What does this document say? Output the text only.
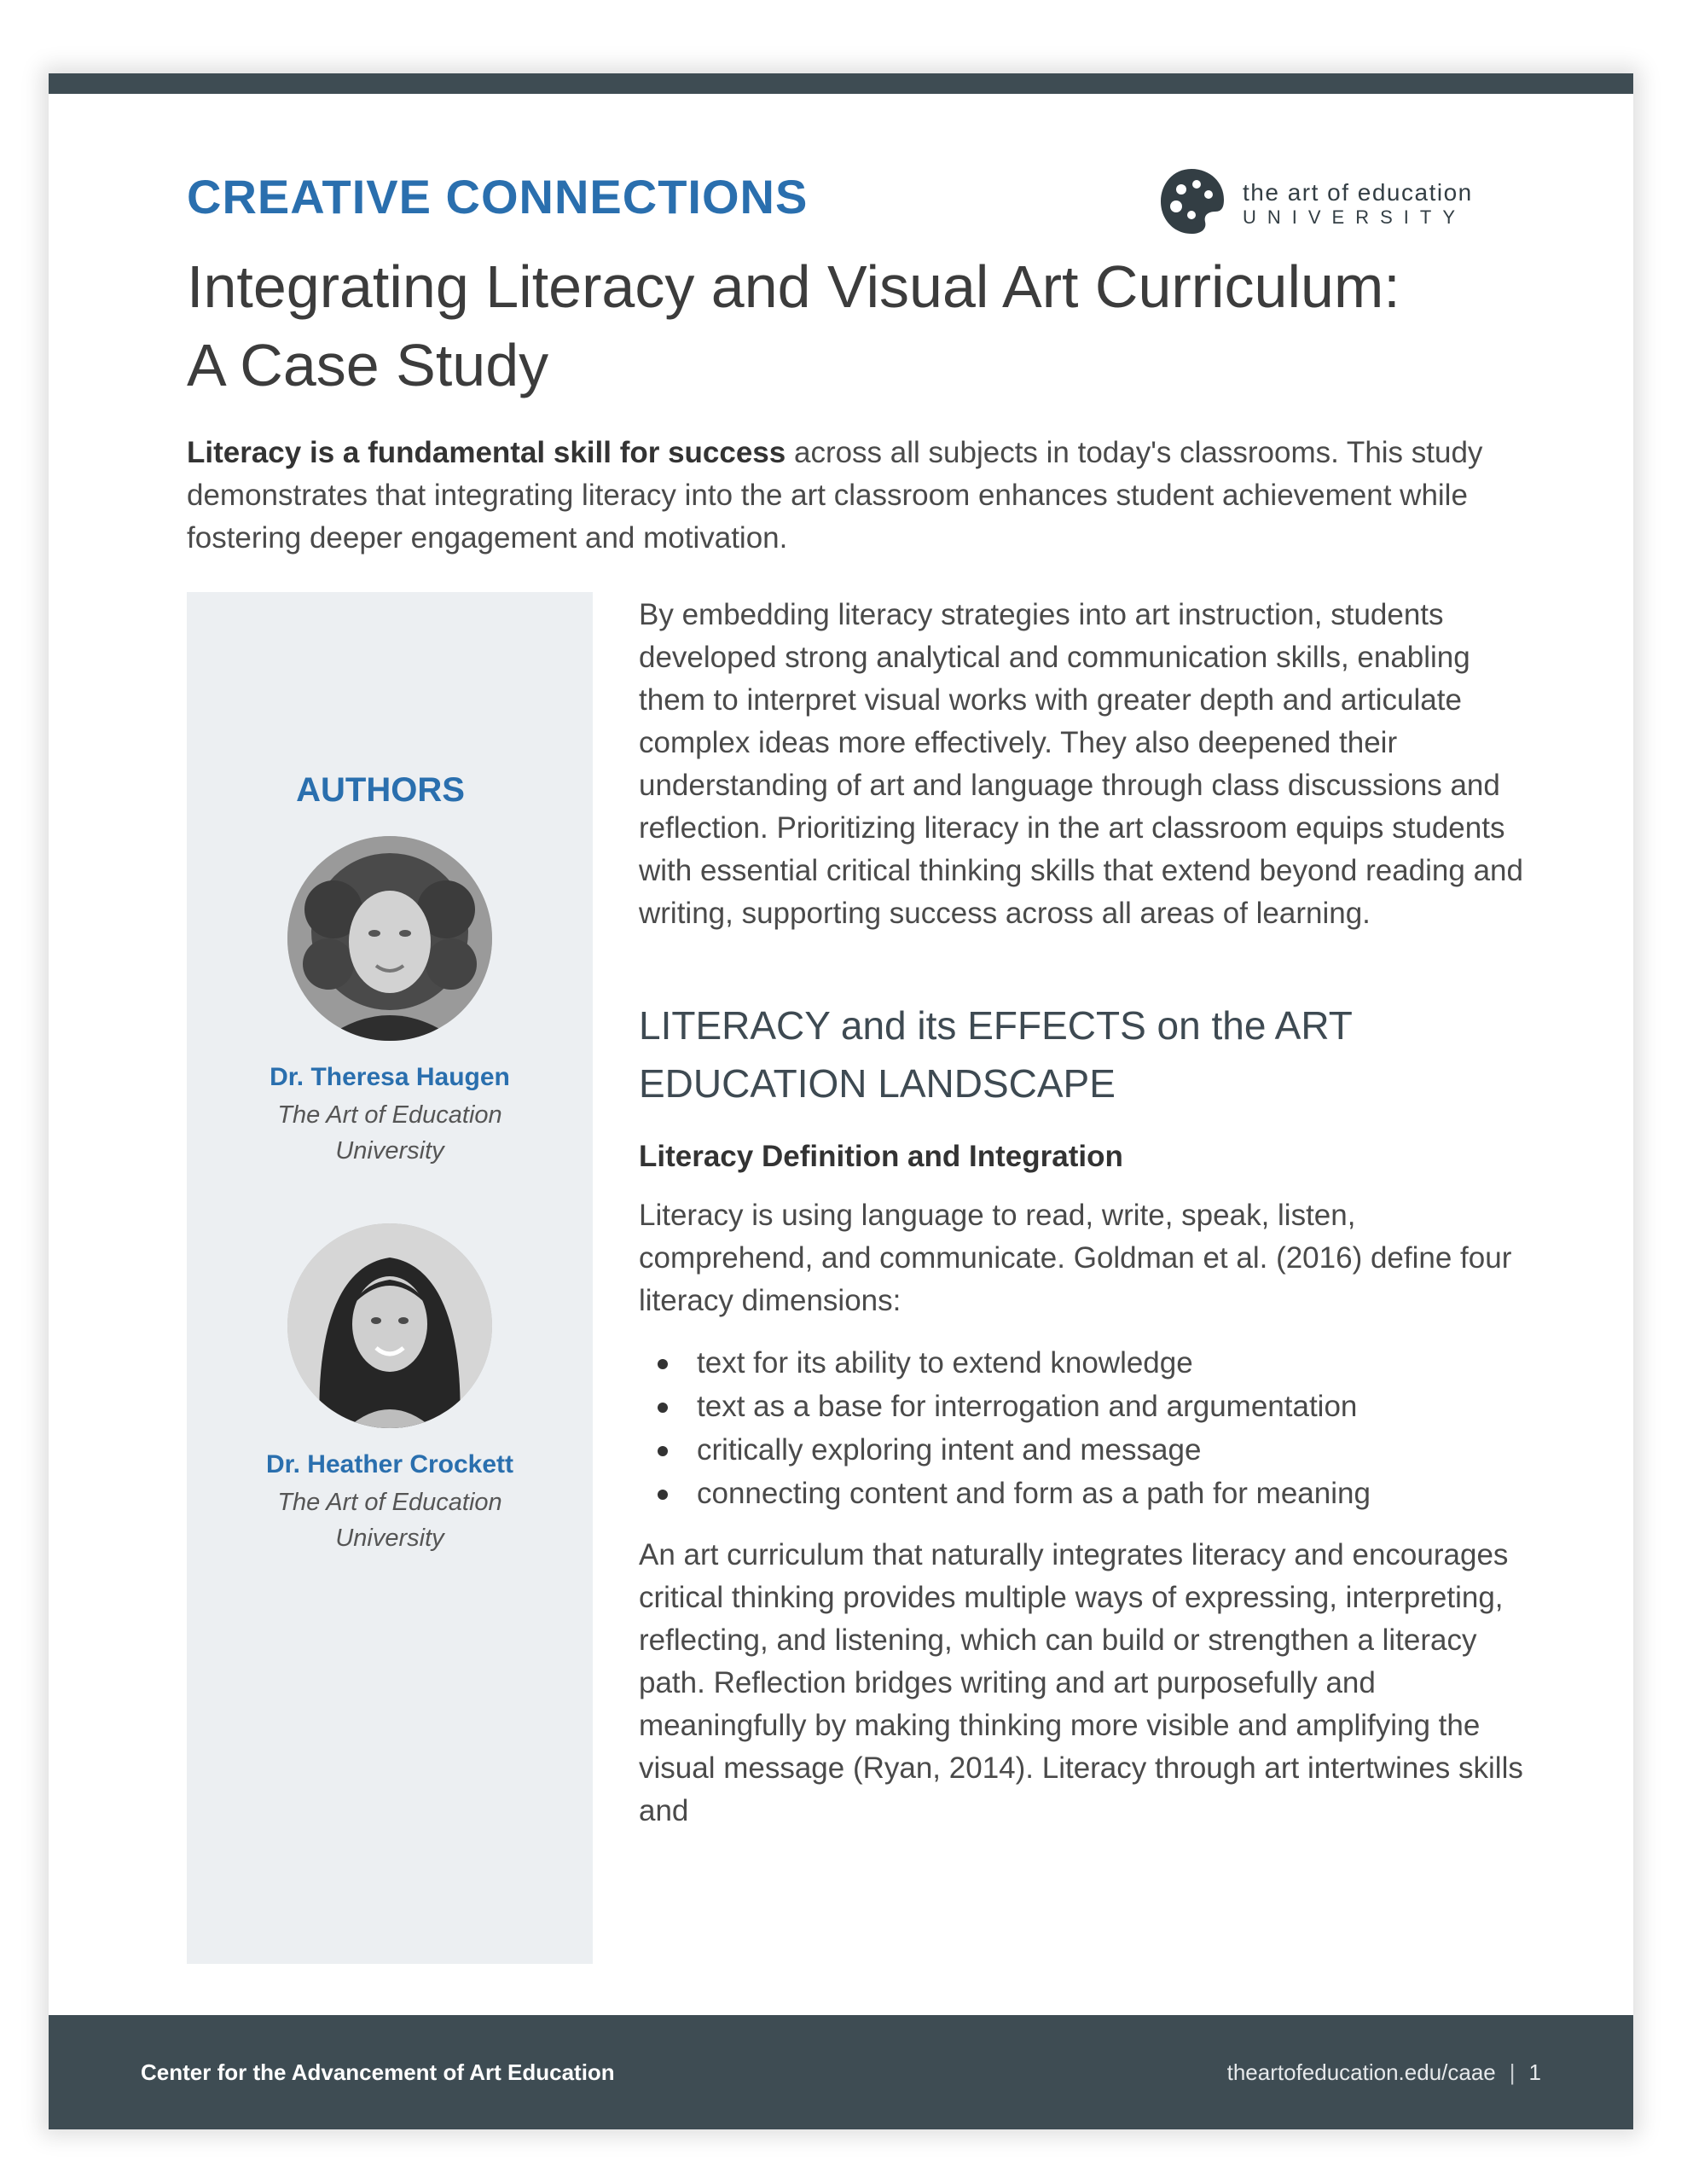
CREATIVE CONNECTIONS	the art of education
UNIVERSITY
Integrating Literacy and Visual Art Curriculum:
A Case Study

Literacy is a fundamental skill for success across all subjects in today's classrooms. This study demonstrates that integrating literacy into the art classroom enhances student achievement while fostering deeper engagement and motivation.

AUTHORS
Dr. Theresa Haugen
The Art of Education University
Dr. Heather Crockett
The Art of Education University

By embedding literacy strategies into art instruction, students developed strong analytical and communication skills, enabling them to interpret visual works with greater depth and articulate complex ideas more effectively. They also deepened their understanding of art and language through class discussions and reflection. Prioritizing literacy in the art classroom equips students with essential critical thinking skills that extend beyond reading and writing, supporting success across all areas of learning.

LITERACY and its EFFECTS on the ART EDUCATION LANDSCAPE
Literacy Definition and Integration

Literacy is using language to read, write, speak, listen, comprehend, and communicate. Goldman et al. (2016) define four literacy dimensions:

text for its ability to extend knowledge
text as a base for interrogation and argumentation
critically exploring intent and message
connecting content and form as a path for meaning

An art curriculum that naturally integrates literacy and encourages critical thinking provides multiple ways of expressing, interpreting, reflecting, and listening, which can build or strengthen a literacy path. Reflection bridges writing and art purposefully and meaningfully by making thinking more visible and amplifying the visual message (Ryan, 2014). Literacy through art intertwines skills and

Center for the Advancement of Art Education	theartofeducation.edu/caae | 1
